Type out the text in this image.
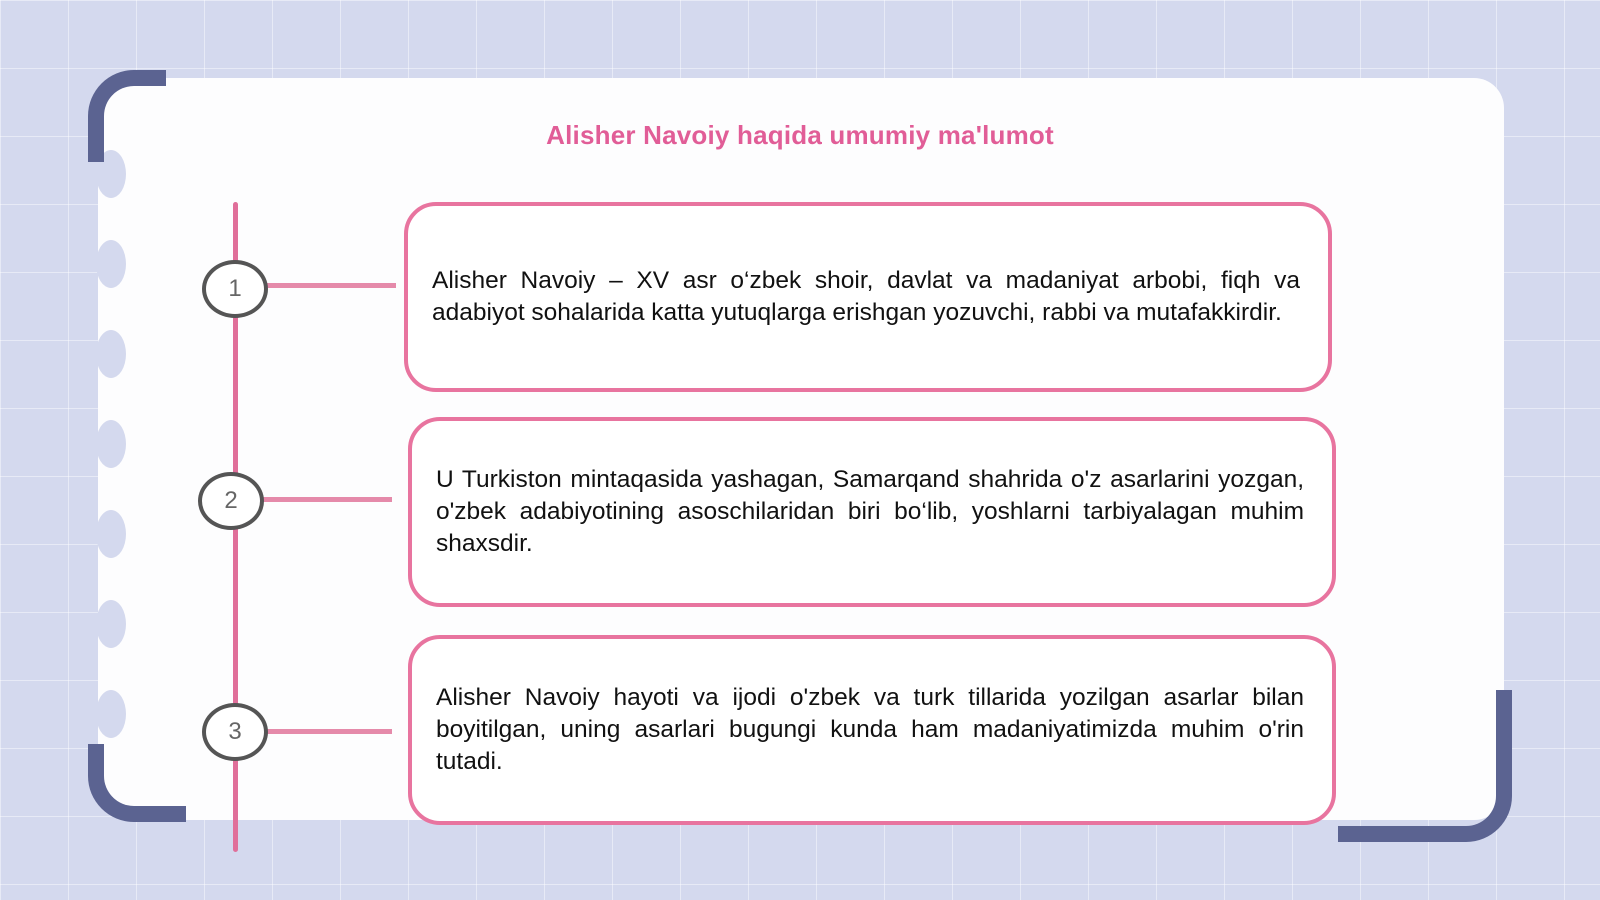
Alisher Navoiy haqida umumiy ma'lumot
1
2
3

Alisher Navoiy – XV asr o‘zbek shoir, davlat va madaniyat arbobi, fiqh va adabiyot sohalarida katta yutuqlarga erishgan yozuvchi, rabbi va mutafakkirdir.

U Turkiston mintaqasida yashagan, Samarqand shahrida o'z asarlarini yozgan, o'zbek adabiyotining asoschilaridan biri bo‘lib, yoshlarni tarbiyalagan muhim shaxsdir.

Alisher Navoiy hayoti va ijodi o'zbek va turk tillarida yozilgan asarlar bilan boyitilgan, uning asarlari bugungi kunda ham madaniyatimizda muhim o'rin tutadi.
